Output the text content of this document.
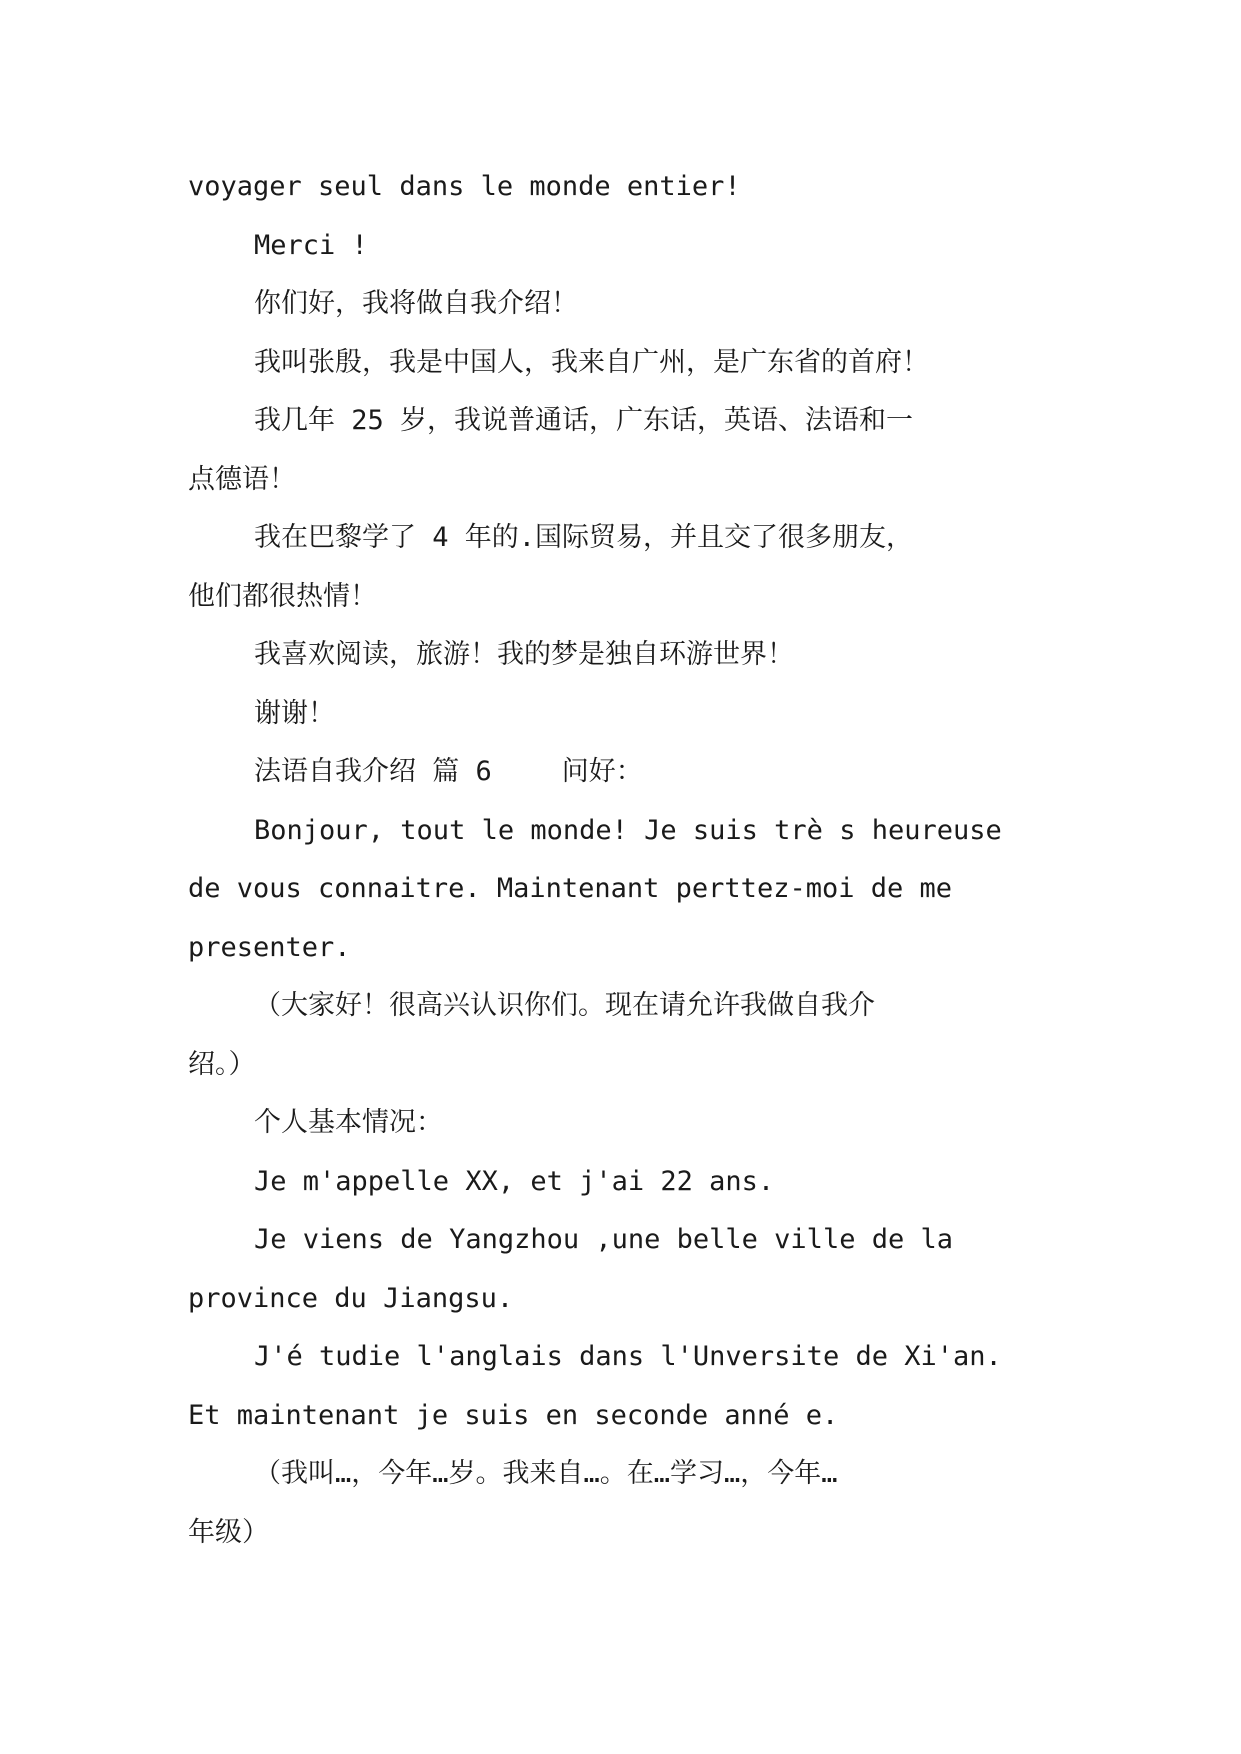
voyager seul dans le monde entier!
Merci !
你们好，我将做自我介绍！
我叫张殷，我是中国人，我来自广州，是广东省的首府！
我几年 25 岁，我说普通话，广东话，英语、法语和一
点德语！
我在巴黎学了 4 年的.国际贸易，并且交了很多朋友，
他们都很热情！
我喜欢阅读，旅游！我的梦是独自环游世界！
谢谢！
法语自我介绍 篇 6	问好：
Bonjour, tout le monde! Je suis trè s heureuse
de vous connaitre. Maintenant perttez-moi de me
presenter.
（大家好！很高兴认识你们。现在请允许我做自我介
绍。）
个人基本情况：
Je m'appelle XX, et j'ai 22 ans.
Je viens de Yangzhou ,une belle ville de la
province du Jiangsu.
J'é tudie l'anglais dans l'Unversite de Xi'an.
Et maintenant je suis en seconde anné e.
（我叫…，今年…岁。我来自…。在…学习…，今年…
年级）
